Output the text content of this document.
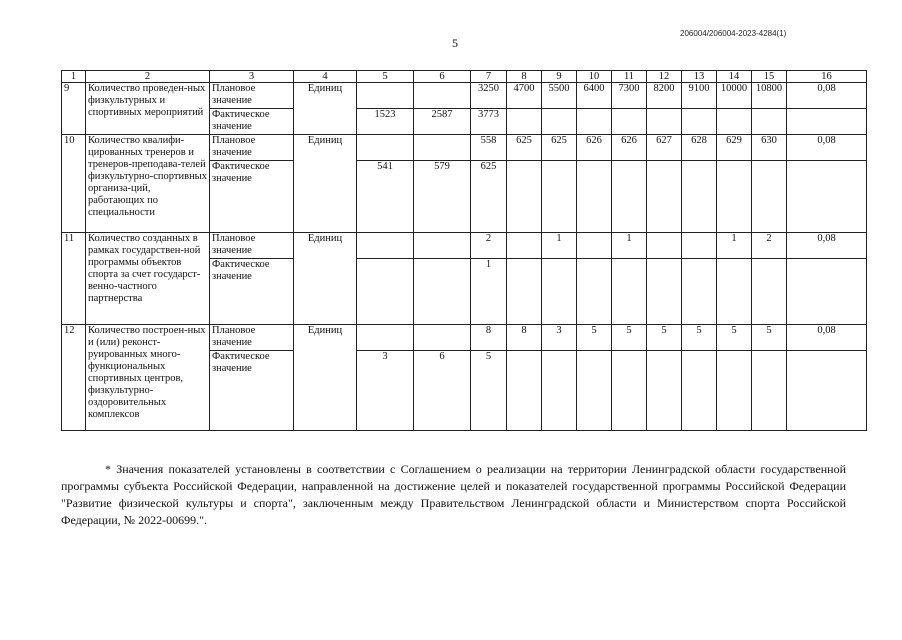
206004/206004-2023-4284(1)
5
1	2	3	4	5	6	7	8	9	10	11	12	13	14	15	16
9	Количество проведен-ных физкультурных и спортивных мероприятий	Плановое значение	Единиц			3250	4700	5500	6400	7300	8200	9100	10000	10800	0,08
		Фактическое значение		1523	2587	3773									
10	Количество квалифи-цированных тренеров и тренеров-преподава-телей физкультурно-спортивных организа-ций, работающих по специальности	Плановое значение	Единиц			558	625	625	626	626	627	628	629	630	0,08
		Фактическое значение		541	579	625									
11	Количество созданных в рамках государствен-ной программы объектов спорта за счет государст-венно-частного партнерства	Плановое значение	Единиц			2		1		1			1	2	0,08
		Фактическое значение				1									
12	Количество построен-ных и (или) реконст-руированных много-функциональных спортивных центров, физкультурно-оздоровительных комплексов	Плановое значение	Единиц			8	8	3	5	5	5	5	5	5	0,08
		Фактическое значение		3	6	5									

* Значения показателей установлены в соответствии с Соглашением о реализации на территории Ленинградской области государственной программы субъекта Российской Федерации, направленной на достижение целей и показателей государственной программы Российской Федерации "Развитие физической культуры и спорта", заключенным между Правительством Ленинградской области и Министерством спорта Российской Федерации, № 2022-00699.".
